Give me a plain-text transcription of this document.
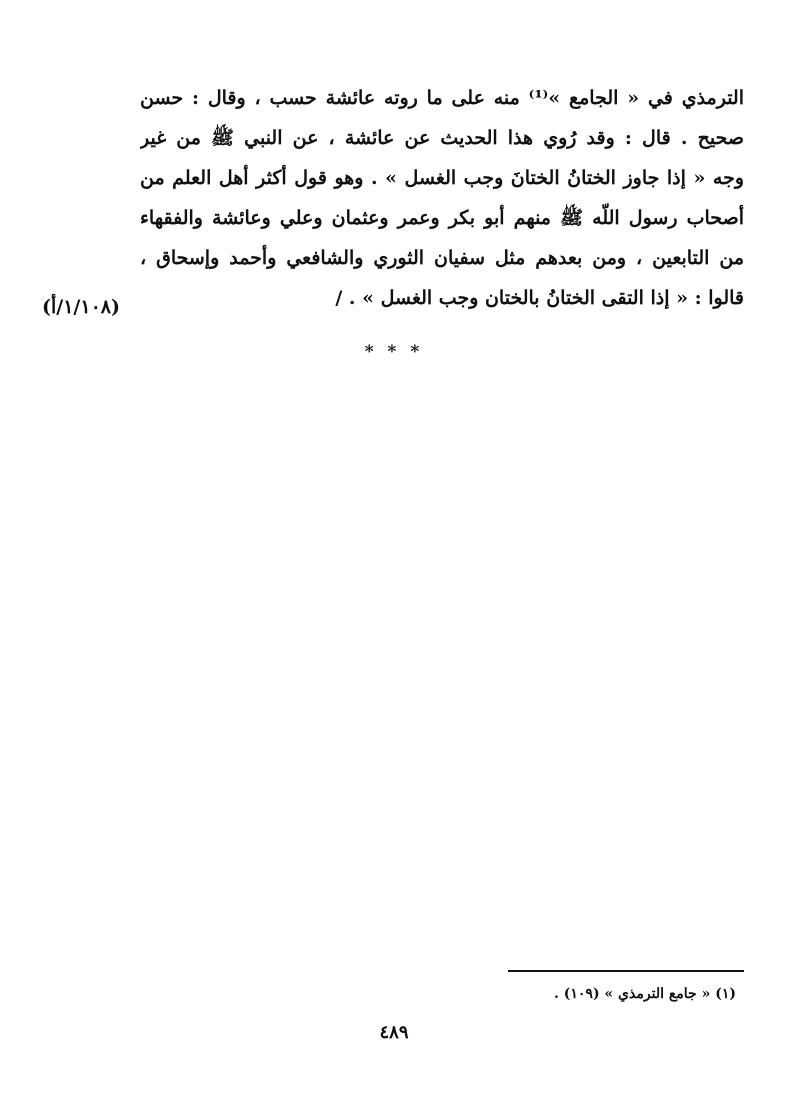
الترمذي في « الجامع »⁽¹⁾ منه على ما روته عائشة حسب ، وقال : حسن
صحيح . قال : وقد رُوي هذا الحديث عن عائشة ، عن النبي ﷺ من غير
وجه « إذا جاوز الختانُ الختانَ وجب الغسل » . وهو قول أكثر أهل العلم من
أصحاب رسول اللّه ﷺ منهم أبو بكر وعمر وعثمان وعلي وعائشة والفقهاء
من التابعين ، ومن بعدهم مثل سفيان الثوري والشافعي وأحمد وإسحاق ،
قالوا : « إذا التقى الختانُ بالختان وجب الغسل » . /
(١/١٠٨/أ)
* * *
(١) « جامع الترمذي » (١٠٩) .
٤٨٩
